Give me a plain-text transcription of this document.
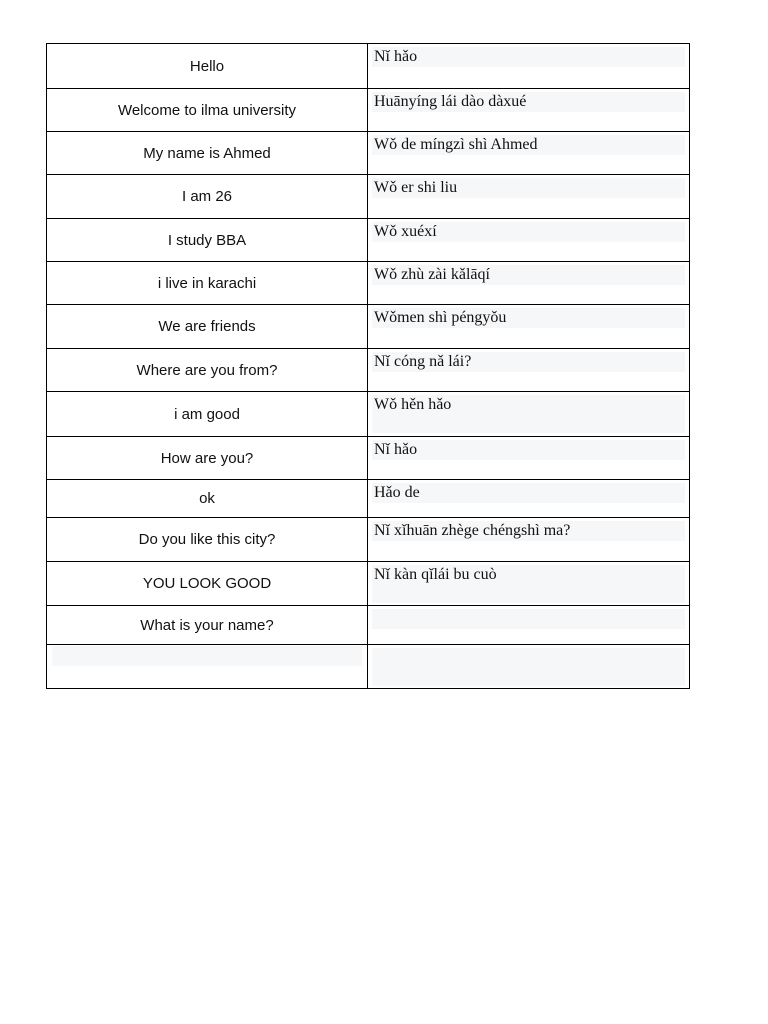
Hello	Nǐ hǎo

Welcome to ilma university	Huānyíng lái dào dàxué

My name is Ahmed	Wǒ de míngzì shì Ahmed

I am 26	Wǒ er shi liu

I study BBA	Wǒ xuéxí

i live in karachi	Wǒ zhù zài kǎlāqí

We are friends	Wǒmen shì péngyǒu

Where are you from?	Nǐ cóng nǎ lái?

i am good	Wǒ hěn hǎo

How are you?	Nǐ hǎo

ok	Hǎo de

Do you like this city?	Nǐ xǐhuān zhège chéngshì ma?

YOU LOOK GOOD	Nǐ kàn qǐlái bu cuò

What is your name?	
